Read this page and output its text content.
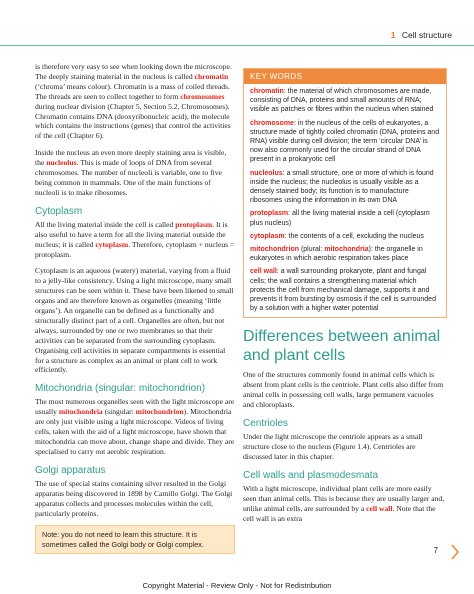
1 Cell structure

is therefore very easy to see when looking down the microscope. The deeply staining material in the nucleus is called chromatin (‘chroma’ means colour). Chromatin is a mass of coiled threads. The threads are seen to collect together to form chromosomes during nuclear division (Chapter 5, Section 5.2, Chromosomes). Chromatin contains DNA (deoxyribonucleic acid), the molecule which contains the instructions (genes) that control the activities of the cell (Chapter 6).

Inside the nucleus an even more deeply staining area is visible, the nucleolus. This is made of loops of DNA from several chromosomes. The number of nucleoli is variable, one to five being common in mammals. One of the main functions of nucleoli is to make ribosomes.

Cytoplasm

All the living material inside the cell is called protoplasm. It is also useful to have a term for all the living material outside the nucleus; it is called cytoplasm. Therefore, cytoplasm + nucleus = protoplasm.

Cytoplasm is an aqueous (watery) material, varying from a fluid to a jelly-like consistency. Using a light microscope, many small structures can be seen within it. These have been likened to small organs and are therefore known as organelles (meaning ‘little organs’). An organelle can be defined as a functionally and structurally distinct part of a cell. Organelles are often, but not always, surrounded by one or two membranes so that their activities can be separated from the surrounding cytoplasm. Organising cell activities in separate compartments is essential for a structure as complex as an animal or plant cell to work efficiently.

Mitochondria (singular: mitochondrion)

The most numerous organelles seen with the light microscope are usually mitochondria (singular: mitochondrion). Mitochondria are only just visible using a light microscope. Videos of living cells, taken with the aid of a light microscope, have shown that mitochondria can move about, change shape and divide. They are specialised to carry out aerobic respiration.

Golgi apparatus

The use of special stains containing silver resulted in the Golgi apparatus being discovered in 1898 by Camillo Golgi. The Golgi apparatus collects and processes molecules within the cell, particularly proteins.

Note: you do not need to learn this structure. It is sometimes called the Golgi body or Golgi complex.
KEY WORDS

chromatin: the material of which chromosomes are made, consisting of DNA, proteins and small amounts of RNA; visible as patches or fibres within the nucleus when stained

chromosome: in the nucleus of the cells of eukaryotes, a structure made of tightly coiled chromatin (DNA, proteins and RNA) visible during cell division; the term ‘circular DNA’ is now also commonly used for the circular strand of DNA present in a prokaryotic cell

nucleolus: a small structure, one or more of which is found inside the nucleus; the nucleolus is usually visible as a densely stained body; its function is to manufacture ribosomes using the information in its own DNA

protoplasm: all the living material inside a cell (cytoplasm plus nucleus)

cytoplasm: the contents of a cell, excluding the nucleus

mitochondrion (plural: mitochondria): the organelle in eukaryotes in which aerobic respiration takes place

cell wall: a wall surrounding prokaryote, plant and fungal cells; the wall contains a strengthening material which protects the cell from mechanical damage, supports it and prevents it from bursting by osmosis if the cell is surrounded by a solution with a higher water potential

Differences between animal and plant cells

One of the structures commonly found in animal cells which is absent from plant cells is the centriole. Plant cells also differ from animal cells in possessing cell walls, large permanent vacuoles and chloroplasts.

Centrioles

Under the light microscope the centriole appears as a small structure close to the nucleus (Figure 1.4). Centrioles are discussed later in this chapter.

Cell walls and plasmodesmata

With a light microscope, individual plant cells are more easily seen than animal cells. This is because they are usually larger and, unlike animal cells, are surrounded by a cell wall. Note that the cell wall is an extra

7
Copyright Material - Review Only - Not for Redistribution
